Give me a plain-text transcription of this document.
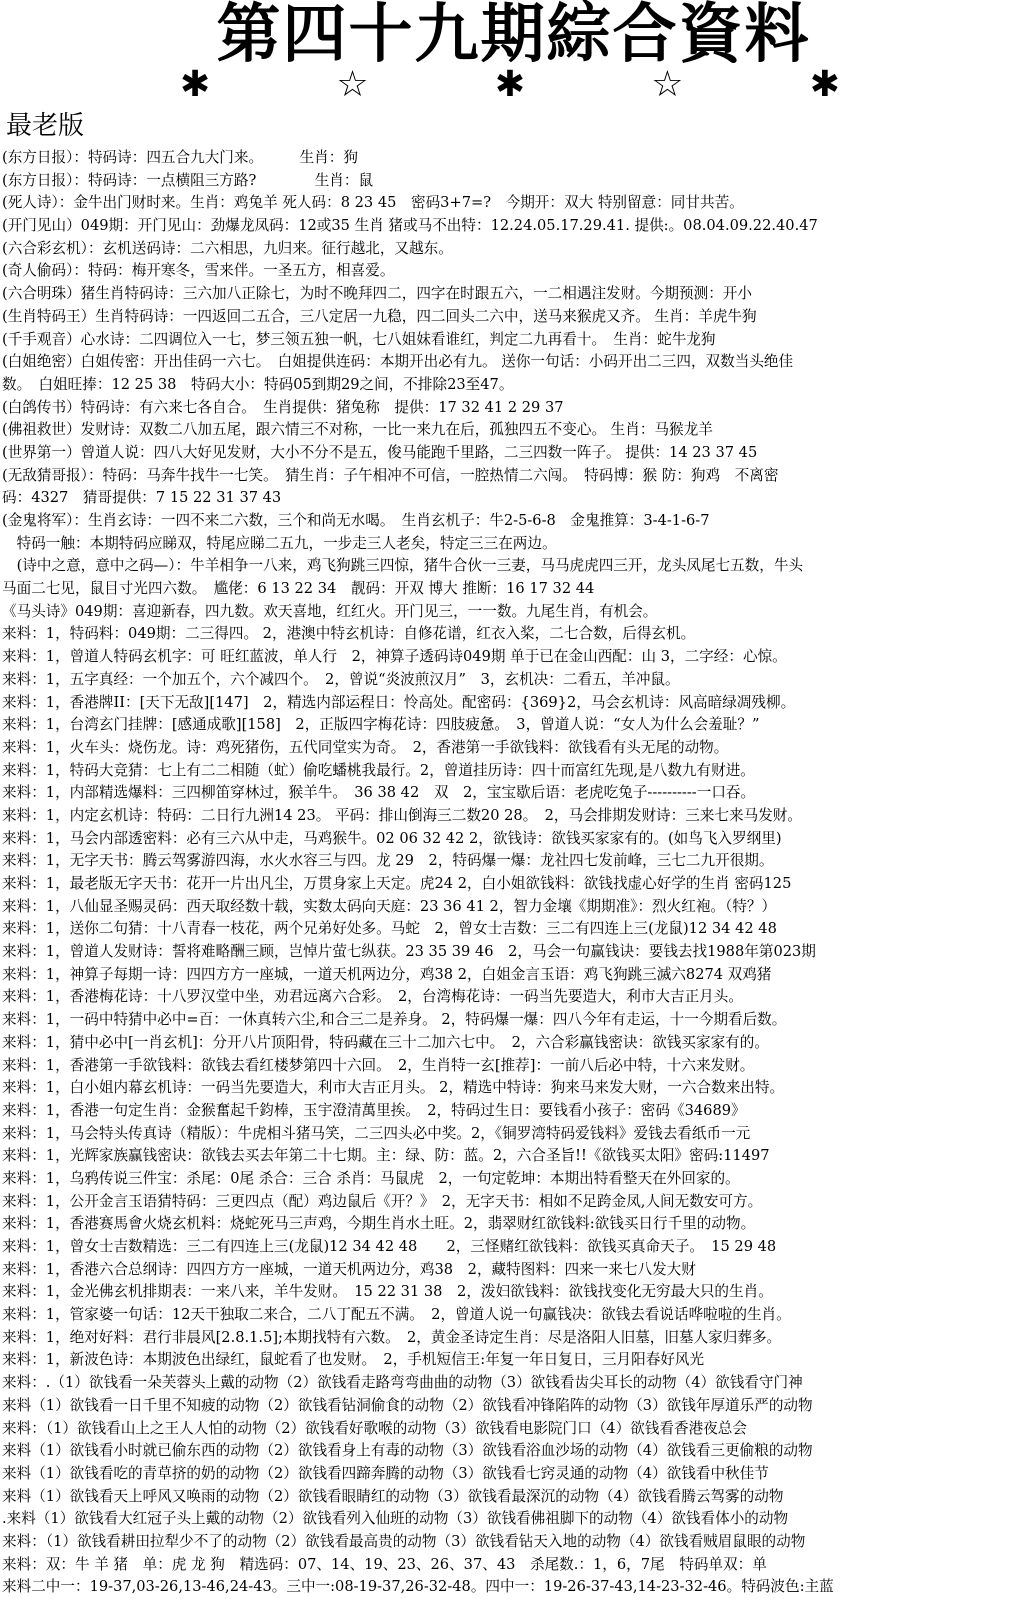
第四十九期綜合資料
✱	☆	✱	☆	✱
最老版
(东方日报）：特码诗：四五合九大门来。　　　生肖：狗
(东方日报）：特码诗：一点横阻三方路?　　　　生肖：鼠
(死人诗）：金牛出门财时来。生肖：鸡兔羊 死人码：8 23 45　密码3+7=?　今期开：双大 特别留意：同甘共苦。
(开门见山）049期：开门见山：劲爆龙凤码：12或35 生肖 猪或马不出特：12.24.05.17.29.41. 提供:。08.04.09.22.40.47
(六合彩玄机）：玄机送码诗：二六相思，九归来。征行越北，又越东。
(奇人偷码）：特码：梅开寒冬，雪来伴。一圣五方，相喜爱。
(六合明珠）猪生肖特码诗：三六加八正除七，为时不晚拜四二，四字在时跟五六，一二相遇注发财。今期预测：开小
(生肖特码王）生肖特码诗：一四返回二五合，三八定居一九稳，四二回头二六中，送马来猴虎又齐。 生肖：羊虎牛狗
(千手观音）心水诗：二四调位入一七，梦三领五独一帆，七八姐妹看谁红，判定二九再看十。　生肖：蛇牛龙狗
(白姐绝密）白姐传密：开出佳码一六七。　白姐提供连码：本期开出必有九。 送你一句话：小码开出二三四，双数当头绝佳
数。　白姐旺捧：12 25 38　特码大小：特码05到期29之间，不排除23至47。
(白鸽传书）特码诗：有六来七各自合。　生肖提供：猪兔称　提供：17 32 41 2 29 37
(佛祖救世）发财诗：双数二八加五尾，跟六情三不对称，一比一来九在后，孤独四五不变心。 生肖：马猴龙羊
(世界第一）曾道人说：四八大好见发财，大小不分不是五，俊马能跑千里路，二三四数一阵子。 提供：14 23 37 45
(无敌猜哥报）：特码：马奔牛找牛一七笑。　猜生肖：子午相冲不可信，一腔热情二六闯。　特码博：猴 防：狗鸡　不离密
码：4327　猜哥提供：7 15 22 31 37 43
(金鬼将军）：生肖玄诗：一四不来二六数，三个和尚无水喝。　生肖玄机子：牛2-5-6-8　金鬼推算：3-4-1-6-7
　特码一触：本期特码应睇双，特尾应睇二五九，一步走三人老矣，特定三三在两边。
　(诗中之意，意中之码—）：牛羊相争一八来，鸡飞狗跳三四惊，猪牛合伙一三妻，马马虎虎四三开，龙头凤尾七五数，牛头
马面二七见，鼠目寸光四六数。　尴佬：6 13 22 34　靓码：开双 博大 推断：16 17 32 44
《马头诗》049期：喜迎新春，四九数。欢天喜地，红红火。开门见三，一一数。九尾生肖，有机会。
来料：1，特码料：049期：二三得四。 2，港澳中特玄机诗：自修花谱，红衣入桨，二七合数，后得玄机。
来料：1，曾道人特码玄机字：可 旺红蓝波，单人行　2，神算子透码诗049期 单于已在金山西配：山 3，二字经：心惊。
来料：1，五字真经：一个加五个，六个减四个。　2，曾说“炎波煎汉月”　3，玄机决：二看五，羊冲鼠。
来料：1，香港牌II：[天下无敌][147]　2，精选内部运程日：怜高处。配密码：{369}2，马会玄机诗：风高暗绿凋残柳。
来料：1，台湾玄门挂牌：[感通成歌][158]　2，正版四字梅花诗：四肢疲惫。　3，曾道人说：“女人为什么会羞耻？”
来料：1，火车头：烧伤龙。诗：鸡死猪伤，五代同堂实为奇。　2，香港第一手欲钱料：欲钱看有头无尾的动物。
来料：1，特码大竞猜：七上有二二相随（虻）偷吃蟠桃我最行。2，曾道挂历诗：四十而富红先现,是八数九有财进。
来料：1，内部精选爆料：三四柳笛穿林过，猴羊牛。　36 38 42　双　2，宝宝歇后语：老虎吃兔子----------一口吞。
来料：1，内定玄机诗：特码：二日行九洲14 23。 平码：排山倒海三二数20 28。　2，马会排期发财诗：三来七来马发财。
来料：1，马会内部透密料：必有三六从中走，马鸡猴牛。02 06 32 42 2，欲钱诗：欲钱买家家有的。(如鸟飞入罗纲里)
来料：1，无字天书：腾云驾雾游四海，水火水容三与四。龙 29　2，特码爆一爆：龙社四七发前峰，三七二九开很期。
来料：1，最老版无字天书：花开一片出凡尘，万贯身家上天定。虎24 2，白小姐欲钱料：欲钱找虚心好学的生肖 密码125
来料：1，八仙显圣赐灵码：西天取经数十载，实数太码向天庭：23 36 41 2，智力金壤《期期准》：烈火红袍。（特？）
来料：1，送你二句猜：十八青春一枝花，两个兄弟好处多。马蛇　2，曾女士吉数：三二有四连上三(龙鼠)12 34 42 48
来料：1，曾道人发财诗：誓将难略酬三顾，岂悼片萤七纵获。23 35 39 46　2，马会一句赢钱诀：要钱去找1988年第023期
来料：1，神算子每期一诗：四四方方一座城，一道天机两边分，鸡38 2，白姐金言玉语：鸡飞狗跳三滅六8274 双鸡猪
来料：1，香港梅花诗：十八罗汉堂中坐，劝君远离六合彩。　2，台湾梅花诗：一码当先要造大，利市大吉正月头。
来料：1，一码中特猜中必中=百：一休真转六尘,和合三二是养身。 2，特码爆一爆：四八今年有走运，十一今期看后数。
来料：1，猜中必中[一肖玄机]：分开八片顶阳骨，特码藏在三十二加六七中。　2，六合彩赢钱密诀：欲钱买家家有的。
来料：1，香港第一手欲钱料：欲钱去看红楼梦第四十六回。　2，生肖特一玄[推荐]：一前八后必中特，十六来发财。
来料：1，白小姐内幕玄机诗：一码当先要造大，利市大吉正月头。 2，精选中特诗：狗来马来发大财，一六合数来出特。
来料：1，香港一句定生肖：金猴奮起千鈞棒，玉宇澄清萬里挨。　2，特码过生日：要钱看小孩子：密码《34689》
来料：1，马会特头传真诗（精版）：牛虎相斗猪马笑，二三四头必中奖。2，《铜罗湾特码爱钱料》爱钱去看纸币一元
来料：1，光辉家族赢钱密诀：欲钱去买去年第二十七期。主：绿、防：蓝。2，六合圣旨!!《欲钱买太阳》密码:11497
来料：1，乌鸦传说三件宝：杀尾：0尾 杀合：三合 杀肖：马鼠虎　2，一句定乾坤：本期出特看整天在外回家的。
来料：1，公开金言玉语猜特码：三更四点（配）鸡边鼠后《开？》　2，无字天书：相如不足跨金凤,人间无数安可方。
来料：1，香港赛馬會火烧玄机料：烧蛇死马三声鸡，今期生肖水土旺。2，翡翠财红欲钱料:欲钱买日行千里的动物。
来料：1，曾女士吉数精选：三二有四连上三(龙鼠)12 34 42 48　　2，三怪赌红欲钱料：欲钱买真命天子。　15 29 48
来料：1，香港六合总纲诗：四四方方一座城，一道天机两边分，鸡38　2，藏特图料：四来一来七八发大财
来料：1，金光佛玄机排期表：一来八来，羊牛发财。　15 22 31 38　2，泼妇欲钱料：欲钱找变化无穷最大只的生肖。
来料：1，管家婆一句话：12天干独取二来合，二八丁配五不满。　2，曾道人说一句赢钱决：欲钱去看说话哗啦啦的生肖。
来料：1，绝对好料：君行非晨风[2.8.1.5];本期找特有六数。　2，黄金圣诗定生肖：尽是洛阳人旧墓，旧墓人家归葬多。
来料：1，新波色诗：本期波色出绿红，鼠蛇看了也发财。　2，手机短信王:年复一年日复日，三月阳春好风光
来料：.（1）欲钱看一朵芙蓉头上戴的动物（2）欲钱看走路弯弯曲曲的动物（3）欲钱看齿尖耳长的动物（4）欲钱看守门神
来料（1）欲钱看一日千里不知疲的动物（2）欲钱看钻洞偷食的动物（2）欲钱看冲锋陷阵的动物（3）欲钱年厚道乐严的动物
来料：（1）欲钱看山上之王人人怕的动物（2）欲钱看好歌喉的动物（3）欲钱看电影院门口（4）欲钱看香港夜总会
来料（1）欲钱看小时就已偷东西的动物（2）欲钱看身上有毒的动物（3）欲钱看浴血沙场的动物（4）欲钱看三更偷粮的动物
来料（1）欲钱看吃的青草挤的奶的动物（2）欲钱看四蹄奔腾的动物（3）欲钱看七窍灵通的动物（4）欲钱看中秋佳节
来料（1）欲钱看天上呼风又唤雨的动物（2）欲钱看眼睛红的动物（3）欲钱看最深沉的动物（4）欲钱看腾云驾雾的动物
.来料（1）欲钱看大红冠子头上戴的动物（2）欲钱看列入仙班的动物（3）欲钱看佛祖脚下的动物（4）欲钱看体小的动物
来料：（1）欲钱看耕田拉犁少不了的动物（2）欲钱看最高贵的动物（3）欲钱看钻天入地的动物（4）欲钱看贼眉鼠眼的动物
来料：双：牛 羊 猪　单：虎 龙 狗　精选码：07、14、19、23、26、37、43　杀尾数.：1，6，7尾　特码单双：单
来料二中一：19-37,03-26,13-46,24-43。三中一:08-19-37,26-32-48。四中一：19-26-37-43,14-23-32-46。特码波色:主蓝
